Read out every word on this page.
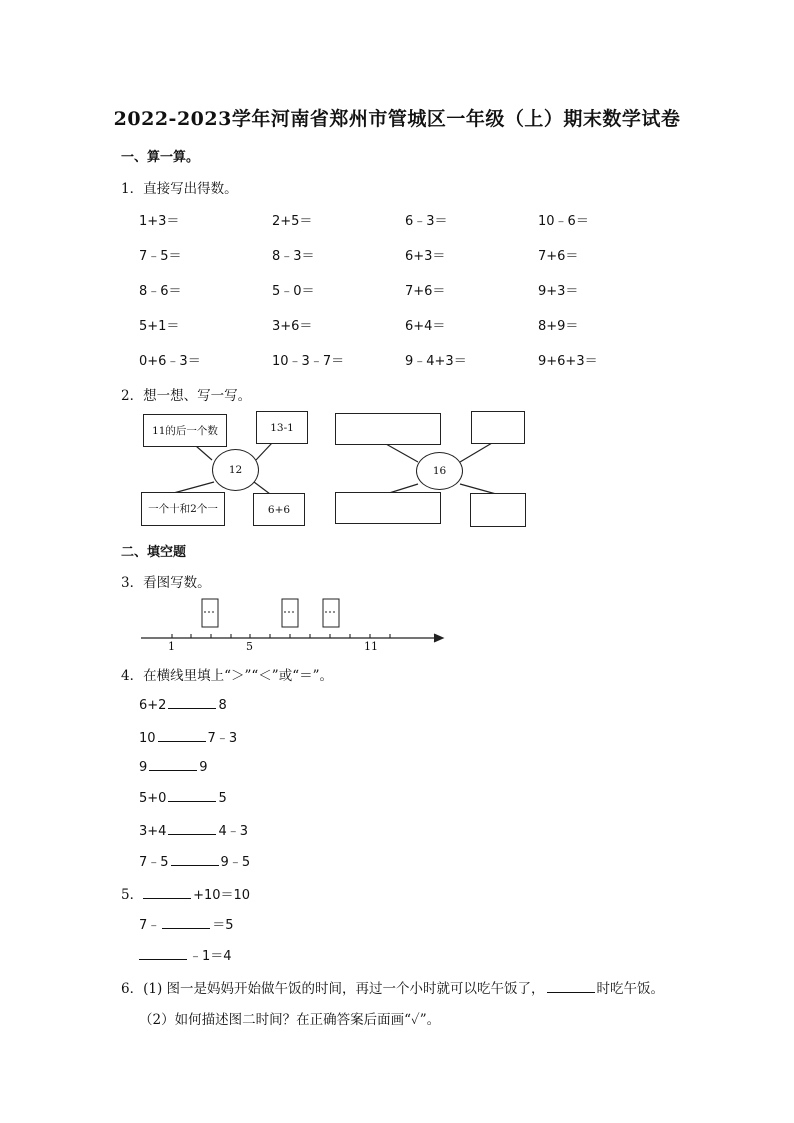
2022-2023学年河南省郑州市管城区一年级（上）期末数学试卷
一、算一算。
1．直接写出得数。
1+3＝	2+5＝	6﹣3＝	10﹣6＝
7﹣5＝	8﹣3＝	6+3＝	7+6＝
8﹣6＝	5﹣0＝	7+6＝	9+3＝
5+1＝	3+6＝	6+4＝	8+9＝
0+6﹣3＝	10﹣3﹣7＝	9﹣4+3＝	9+6+3＝
2．想一想、写一写。
11的后一个数	13-1
12
一个十和2个一	6+6
16
二、填空题
3．看图写数。
1	5	11
4．在横线里填上“＞”“＜”或“＝”。
6+2	8
10	7﹣3
9	9
5+0	5
3+4	4﹣3
7﹣5	9﹣5
5．	+10＝10
7﹣	＝5
﹣1＝4
6．(1) 图一是妈妈开始做午饭的时间，再过一个小时就可以吃午饭了，	时吃午饭。
（2）如何描述图二时间？在正确答案后面画“✓”。
